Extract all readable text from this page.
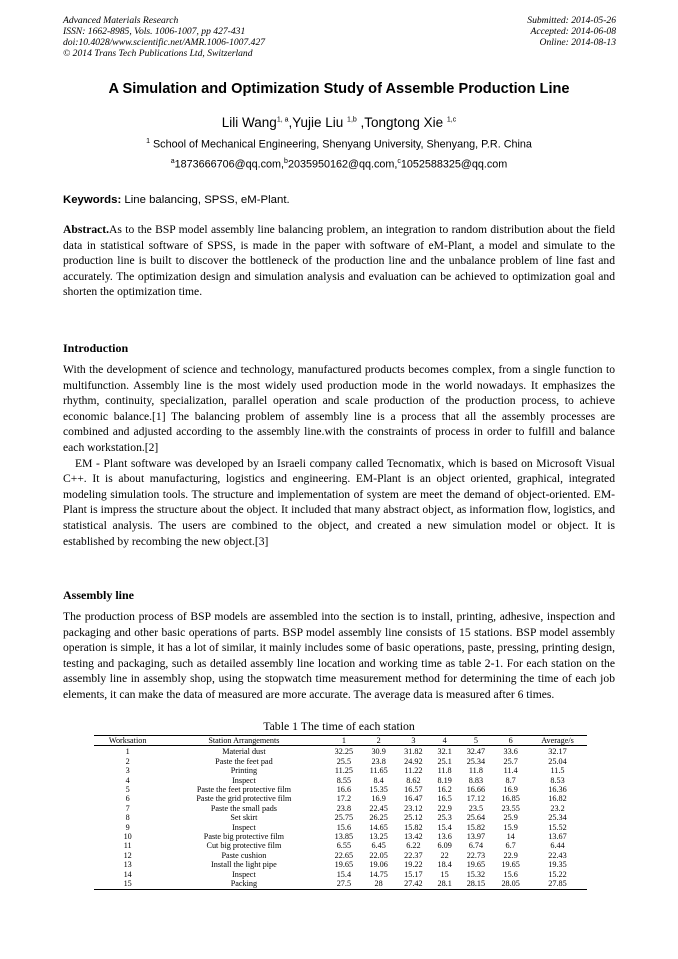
Advanced Materials Research
ISSN: 1662-8985, Vols. 1006-1007, pp 427-431
doi:10.4028/www.scientific.net/AMR.1006-1007.427
© 2014 Trans Tech Publications Ltd, Switzerland
Submitted: 2014-05-26
Accepted: 2014-06-08
Online: 2014-08-13
A Simulation and Optimization Study of Assemble Production Line
Lili Wang$^{1, a}$,Yujie Liu $^{1,b}$ ,Tongtong Xie $^{1,c}$
$^1$ School of Mechanical Engineering, Shenyang University, Shenyang, P.R. China
$^a$1873666706@qq.com,$^b$2035950162@qq.com,$^c$1052588325@qq.com
Keywords: Line balancing, SPSS, eM-Plant.
Abstract.As to the BSP model assembly line balancing problem, an integration to random distribution about the field data in statistical software of SPSS, is made in the paper with software of eM-Plant, a model and simulate to the production line is built to discover the bottleneck of the production line and the unbalance problem of line fast and accurately. The optimization design and simulation analysis and evaluation can be achieved to optimization goal and shorten the optimization time.
Introduction
With the development of science and technology, manufactured products becomes complex, from a single function to multifunction. Assembly line is the most widely used production mode in the world nowadays. It emphasizes the rhythm, continuity, specialization, parallel operation and scale production of the production process, to achieve economic balance.[1] The balancing problem of assembly line is a process that all the assembly processes are combined and adjusted according to the assembly line.with the constraints of process in order to fulfill and balance each workstation.[2]
EM - Plant software was developed by an Israeli company called Tecnomatix, which is based on Microsoft Visual C++. It is about manufacturing, logistics and engineering. EM-Plant is an object oriented, graphical, integrated modeling simulation tools. The structure and implementation of system are meet the demand of object-oriented. EM-Plant is impress the structure about the object. It included that many abstract object, as information flow, logistics, and statistical analysis. The users are combined to the object, and created a new simulation model or object. It is established by recombing the new object.[3]
Assembly line
The production process of BSP models are assembled into the section is to install, printing, adhesive, inspection and packaging and other basic operations of parts. BSP model assembly line consists of 15 stations. BSP model assembly operation is simple, it has a lot of similar, it mainly includes some of basic operations, paste, pressing, printing design, testing and packaging, such as detailed assembly line location and working time as table 2-1. For each station on the assembly line in assembly shop, using the stopwatch time measurement method for determining the time of each job elements, it can make the data of measured are more accurate. The average data is measured after 6 times.
Table 1 The time of each station
Worksation	Station Arrangements	1	2	3	4	5	6	Average/s
1	Material dust	32.25	30.9	31.82	32.1	32.47	33.6	32.17
2	Paste the feet pad	25.5	23.8	24.92	25.1	25.34	25.7	25.04
3	Printing	11.25	11.65	11.22	11.8	11.8	11.4	11.5
4	Inspect	8.55	8.4	8.62	8.19	8.83	8.7	8.53
5	Paste the feet protective film	16.6	15.35	16.57	16.2	16.66	16.9	16.36
6	Paste the grid protective film	17.2	16.9	16.47	16.5	17.12	16.85	16.82
7	Paste the small pads	23.8	22.45	23.12	22.9	23.5	23.55	23.2
8	Set skirt	25.75	26.25	25.12	25.3	25.64	25.9	25.34
9	Inspect	15.6	14.65	15.82	15.4	15.82	15.9	15.52
10	Paste big protective film	13.85	13.25	13.42	13.6	13.97	14	13.67
11	Cut big protective film	6.55	6.45	6.22	6.09	6.74	6.7	6.44
12	Paste cushion	22.65	22.05	22.37	22	22.73	22.9	22.43
13	Install the light pipe	19.65	19.06	19.22	18.4	19.65	19.65	19.35
14	Inspect	15.4	14.75	15.17	15	15.32	15.6	15.22
15	Packing	27.5	28	27.42	28.1	28.15	28.05	27.85
